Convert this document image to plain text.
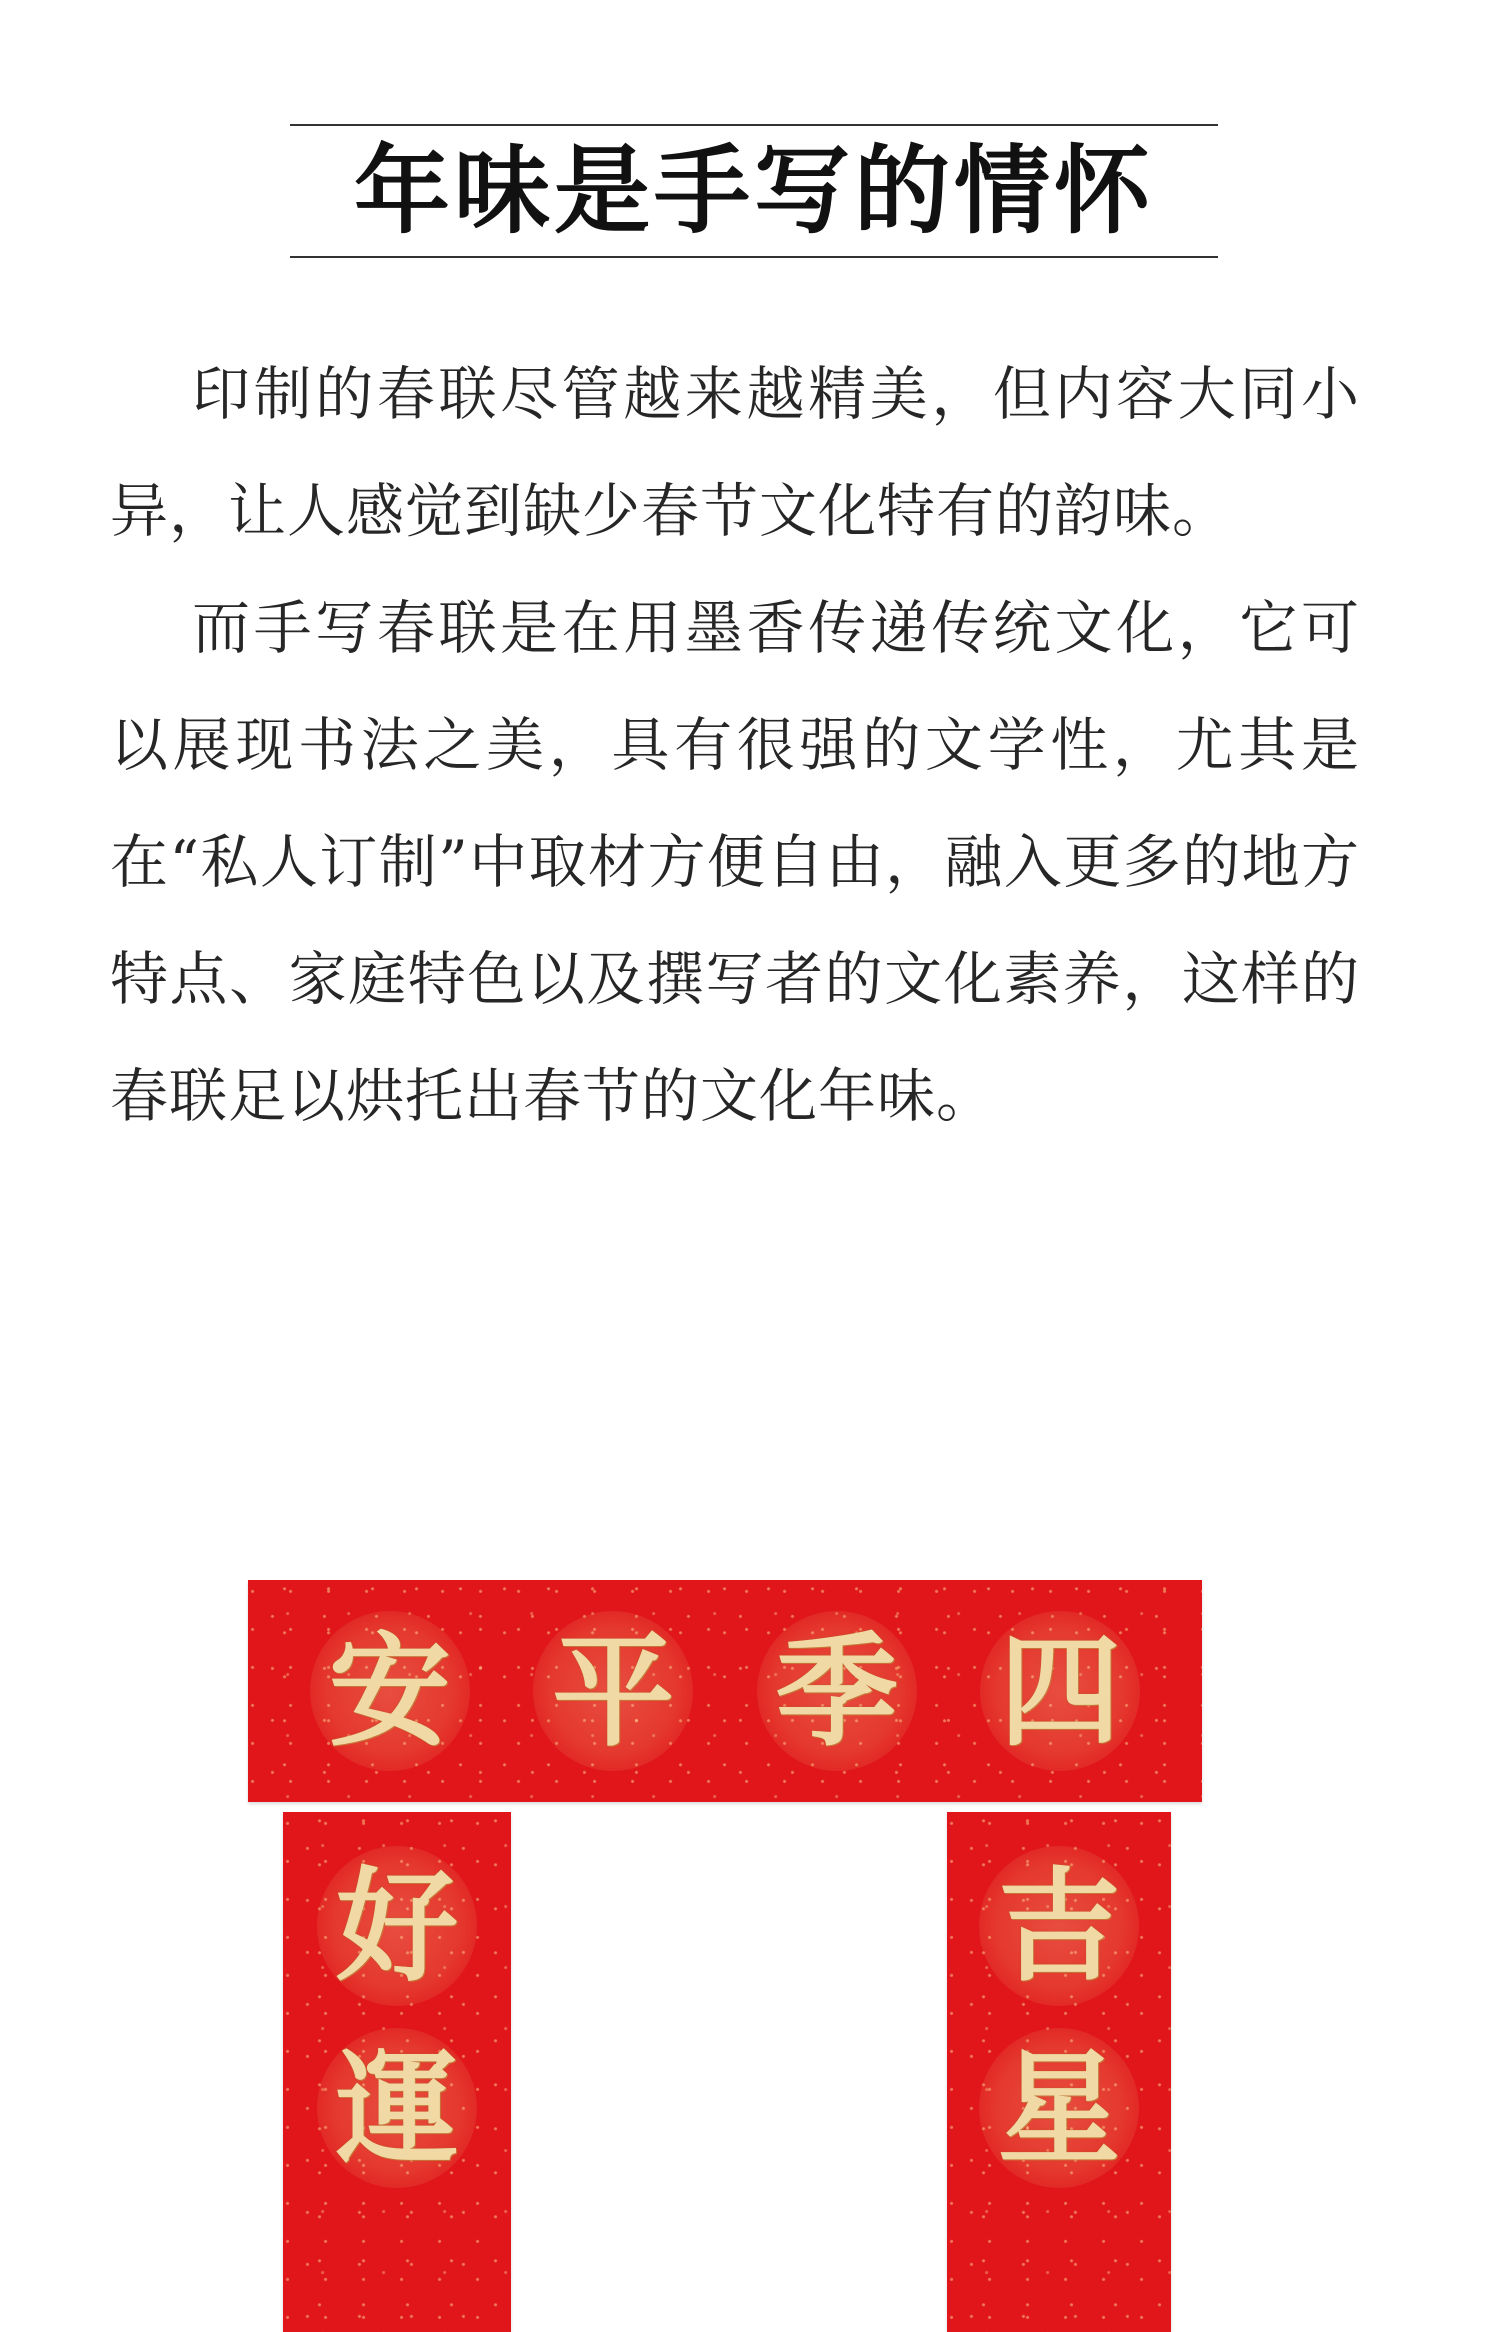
年味是手写的情怀

印制的春联尽管越来越精美，但内容大同小异，让人感觉到缺少春节文化特有的韵味。

而手写春联是在用墨香传递传统文化，它可以展现书法之美，具有很强的文学性，尤其是在“私人订制”中取材方便自由，融入更多的地方特点、家庭特色以及撰写者的文化素养，这样的春联足以烘托出春节的文化年味。

安 平 季 四
好
運
吉
星
